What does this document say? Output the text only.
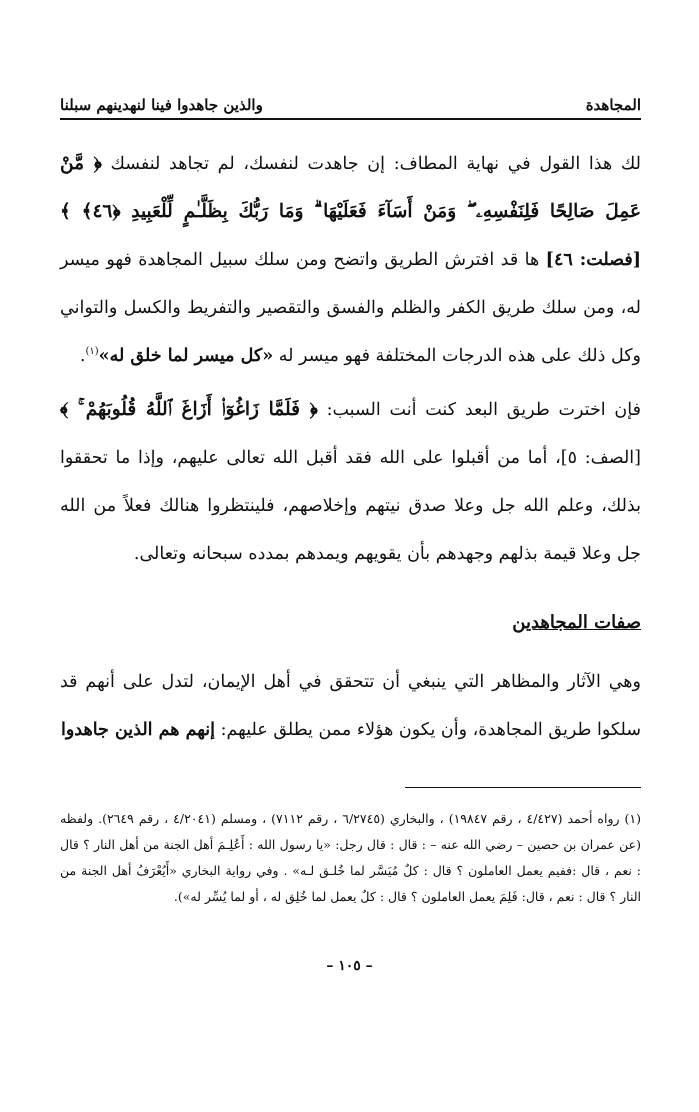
المجاهدة
والذين جاهدوا فينا لنهدينهم سبلنا

لك هذا القول في نهاية المطاف: إن جاهدت لنفسك، لم تجاهد لنفسك ﴿ مَّنْ عَمِلَ صَالِحًا فَلِنَفْسِهِۦ ۖ وَمَنْ أَسَآءَ فَعَلَيْهَا ۗ وَمَا رَبُّكَ بِظَلَّـٰمٍ لِّلْعَبِيدِ ﴿٤٦﴾ ﴾ [فصلت: ٤٦] ها قد افترش الطريق واتضح ومن سلك سبيل المجاهدة فهو ميسر له، ومن سلك طريق الكفر والظلم والفسق والتقصير والتفريط والكسل والتواني وكل ذلك على هذه الدرجات المختلفة فهو ميسر له «كل ميسر لما خلق له»$^{(١)}$.

فإن اخترت طريق البعد كنت أنت السبب: ﴿ فَلَمَّا زَاغُوٓا۟ أَزَاغَ ٱللَّهُ قُلُوبَهُمْ ۚ ﴾ [الصف: ٥]، أما من أقبلوا على الله فقد أقبل الله تعالى عليهم، وإذا ما تحققوا بذلك، وعلم الله جل وعلا صدق نيتهم وإخلاصهم، فلينتظروا هنالك فعلاً من الله جل وعلا قيمة بذلهم وجهدهم بأن يقويهم ويمدهم بمدده سبحانه وتعالى.

صفات المجاهدين

وهي الآثار والمظاهر التي ينبغي أن تتحقق في أهل الإيمان، لتدل على أنهم قد سلكوا طريق المجاهدة، وأن يكون هؤلاء ممن يطلق عليهم: إنهم هم الذين جاهدوا

(١) رواه أحمد (٤/٤٢٧ ، رقم ١٩٨٤٧) ، والبخاري (٦/٢٧٤٥ ، رقم ٧١١٢) ، ومسلم (٤/٢٠٤١ ، رقم ٢٦٤٩). ولفظه (عن عمران بن حصين – رضي الله عنه – : قال : قال رجل: «يا رسول الله : أَعُلِـمَ أهل الجنة من أهل النار ؟ قال : نعم ، قال :ففيم يعمل العاملون ؟ قال : كلٌ مُيَسَّر لما خُلـق لـه» . وفي رواية البخاري «أَيُعْرَفُ أهل الجنة من النار ؟ قال : نعم ، قال: فَلِمَ يعمل العاملون ؟ قال : كلٌ يعمل لما خُلِق له ، أو لما يُسِّر له»).

– ١٠٥ –
